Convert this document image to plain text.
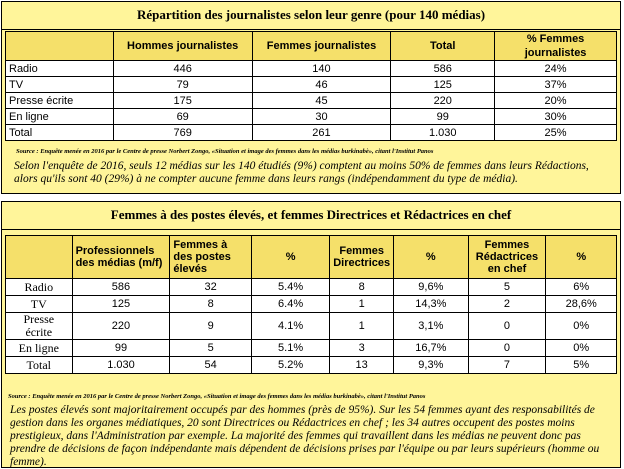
Répartition des journalistes selon leur genre (pour 140 médias)
	Hommes journalistes	Femmes journalistes	Total	% Femmes journalistes
Radio	446	140	586	24%
TV	79	46	125	37%
Presse écrite	175	45	220	20%
En ligne	69	30	99	30%
Total	769	261	1.030	25%
Source : Enquête menée en 2016 par le Centre de presse Norbert Zongo, «Situation et image des femmes dans les médias burkinabè», citant l'Institut Panos
Selon l'enquête de 2016, seuls 12 médias sur les 140 étudiés (9%) comptent au moins 50% de femmes dans leurs Rédactions, alors qu'ils sont 40 (29%) à ne compter aucune femme dans leurs rangs (indépendamment du type de média).
Femmes à des postes élevés, et femmes Directrices et Rédactrices en chef
	Professionnels des médias (m/f)	Femmes à des postes élevés	%	Femmes Directrices	%	Femmes Rédactrices en chef	%
Radio	586	32	5.4%	8	9,6%	5	6%
TV	125	8	6.4%	1	14,3%	2	28,6%
Presse écrite	220	9	4.1%	1	3,1%	0	0%
En ligne	99	5	5.1%	3	16,7%	0	0%
Total	1.030	54	5.2%	13	9,3%	7	5%
Source : Enquête menée en 2016 par le Centre de presse Norbert Zongo, «Situation et image des femmes dans les médias burkinabè», citant l'Institut Panos
Les postes élevés sont majoritairement occupés par des hommes (près de 95%). Sur les 54 femmes ayant des responsabilités de gestion dans les organes médiatiques, 20 sont Directrices ou Rédactrices en chef ; les 34 autres occupent des postes moins prestigieux, dans l'Administration par exemple. La majorité des femmes qui travaillent dans les médias ne peuvent donc pas prendre de décisions de façon indépendante mais dépendent de décisions prises par l'équipe ou par leurs supérieurs (homme ou femme).
